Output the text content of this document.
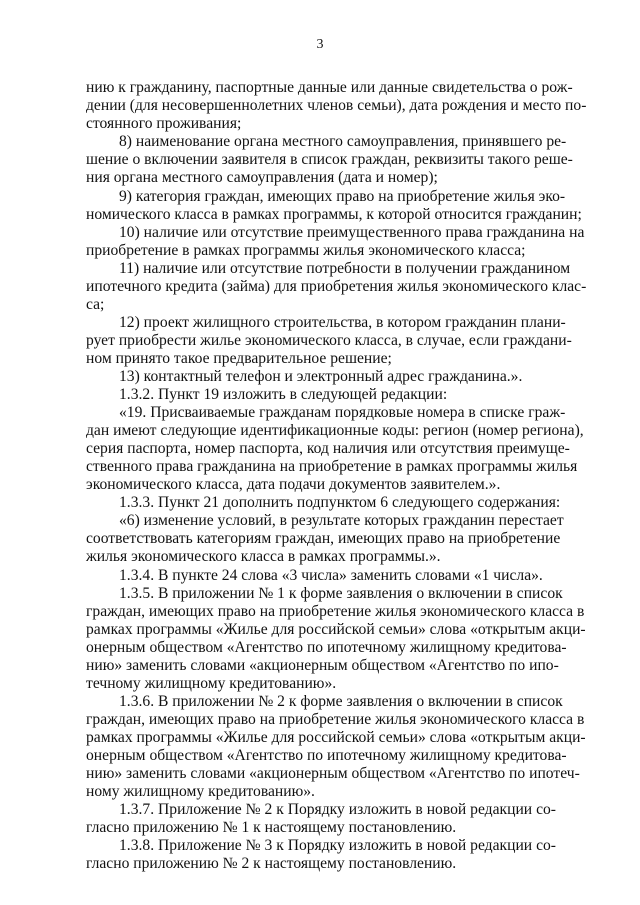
3
нию к гражданину, паспортные данные или данные свидетельства о рож-
дении (для несовершеннолетних членов семьи), дата рождения и место по-
стоянного проживания;
8) наименование органа местного самоуправления, принявшего ре-
шение о включении заявителя в список граждан, реквизиты такого реше-
ния органа местного самоуправления (дата и номер);
9) категория граждан, имеющих право на приобретение жилья эко-
номического класса в рамках программы, к которой относится гражданин;
10) наличие или отсутствие преимущественного права гражданина на
приобретение в рамках программы жилья экономического класса;
11) наличие или отсутствие потребности в получении гражданином
ипотечного кредита (займа) для приобретения жилья экономического клас-
са;
12) проект жилищного строительства, в котором гражданин плани-
рует приобрести жилье экономического класса, в случае, если граждани-
ном принято такое предварительное решение;
13) контактный телефон и электронный адрес гражданина.».
1.3.2. Пункт 19 изложить в следующей редакции:
«19. Присваиваемые гражданам порядковые номера в списке граж-
дан имеют следующие идентификационные коды: регион (номер региона),
серия паспорта, номер паспорта, код наличия или отсутствия преимуще-
ственного права гражданина на приобретение в рамках программы жилья
экономического класса, дата подачи документов заявителем.».
1.3.3. Пункт 21 дополнить подпунктом 6 следующего содержания:
«6) изменение условий, в результате которых гражданин перестает
соответствовать категориям граждан, имеющих право на приобретение
жилья экономического класса в рамках программы.».
1.3.4. В пункте 24 слова «3 числа» заменить словами «1 числа».
1.3.5. В приложении № 1 к форме заявления о включении в список
граждан, имеющих право на приобретение жилья экономического класса в
рамках программы «Жилье для российской семьи» слова «открытым акци-
онерным обществом «Агентство по ипотечному жилищному кредитова-
нию» заменить словами «акционерным обществом «Агентство по ипо-
течному жилищному кредитованию».
1.3.6. В приложении № 2 к форме заявления о включении в список
граждан, имеющих право на приобретение жилья экономического класса в
рамках программы «Жилье для российской семьи» слова «открытым акци-
онерным обществом «Агентство по ипотечному жилищному кредитова-
нию» заменить словами «акционерным обществом «Агентство по ипотеч-
ному жилищному кредитованию».
1.3.7. Приложение № 2 к Порядку изложить в новой редакции со-
гласно приложению № 1 к настоящему постановлению.
1.3.8. Приложение № 3 к Порядку изложить в новой редакции со-
гласно приложению № 2 к настоящему постановлению.
